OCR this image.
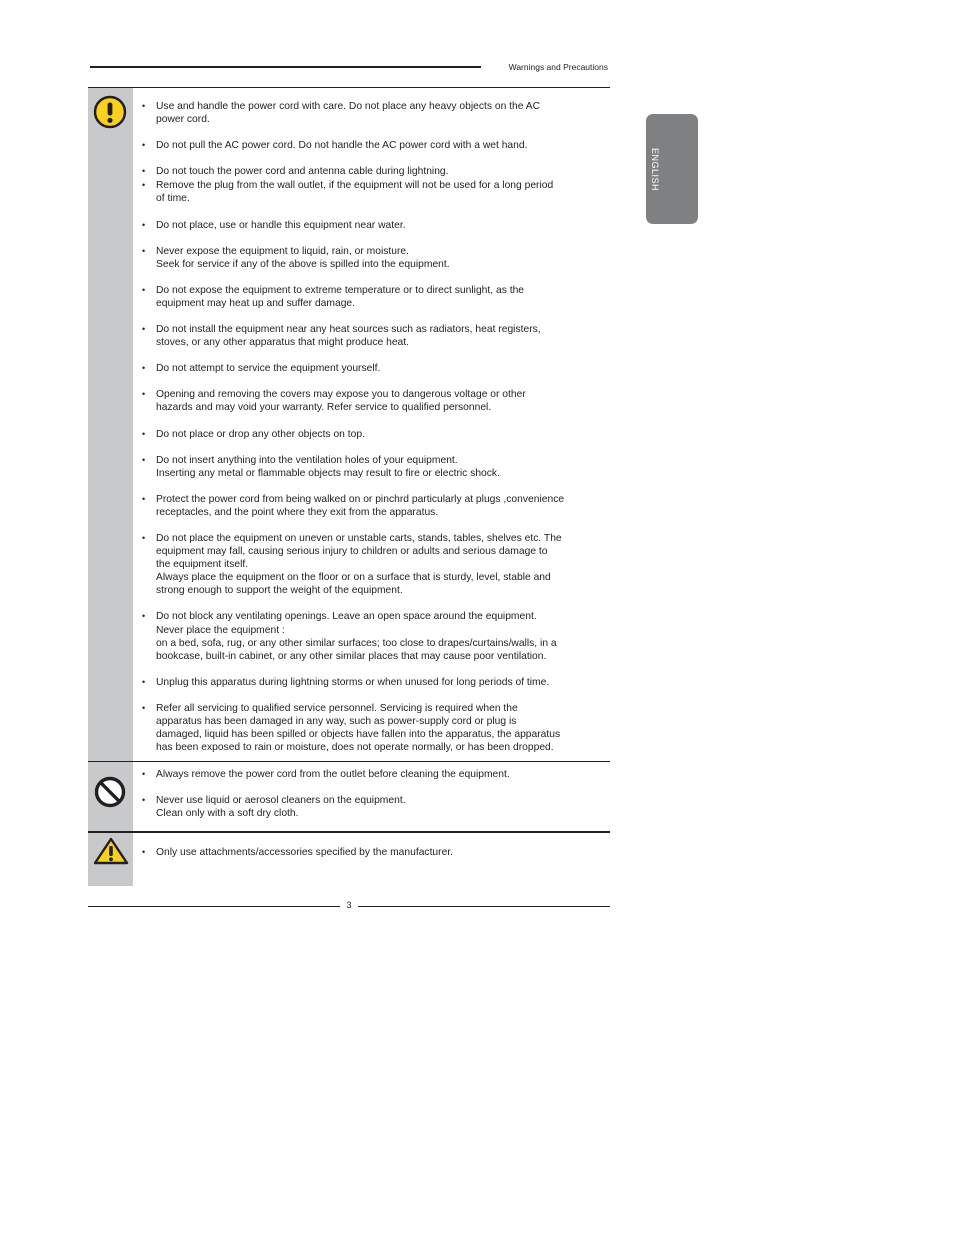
Warnings and Precautions
ENGLISH
• Use and handle the power cord with care. Do not place any heavy objects on the AC
power cord.
• Do not pull the AC power cord. Do not handle the AC power cord with a wet hand.
• Do not touch the power cord and antenna cable during lightning.
• Remove the plug from the wall outlet, if the equipment will not be used for a long period
of time.
• Do not place, use or handle this equipment near water.
• Never expose the equipment to liquid, rain, or moisture.
Seek for service if any of the above is spilled into the equipment.
• Do not expose the equipment to extreme temperature or to direct sunlight, as the
equipment may heat up and suffer damage.
• Do not install the equipment near any heat sources such as radiators, heat registers,
stoves, or any other apparatus that might produce heat.
• Do not attempt to service the equipment yourself.
• Opening and removing the covers may expose you to dangerous voltage or other
hazards and may void your warranty. Refer service to qualified personnel.
• Do not place or drop any other objects on top.
• Do not insert anything into the ventilation holes of your equipment.
Inserting any metal or flammable objects may result to fire or electric shock.
• Protect the power cord from being walked on or pinchrd particularly at plugs ,convenience
receptacles, and the point where they exit from the apparatus.
• Do not place the equipment on uneven or unstable carts, stands, tables, shelves etc. The
equipment may fall, causing serious injury to children or adults and serious damage to
the equipment itself.
Always place the equipment on the floor or on a surface that is sturdy, level, stable and
strong enough to support the weight of the equipment.
• Do not block any ventilating openings. Leave an open space around the equipment.
Never place the equipment :
on a bed, sofa, rug, or any other similar surfaces; too close to drapes/curtains/walls, in a
bookcase, built-in cabinet, or any other similar places that may cause poor ventilation.
• Unplug this apparatus during lightning storms or when unused for long periods of time.
• Refer all servicing to qualified service personnel. Servicing is required when the
apparatus has been damaged in any way, such as power-supply cord or plug is
damaged, liquid has been spilled or objects have fallen into the apparatus, the apparatus
has been exposed to rain or moisture, does not operate normally, or has been dropped.
• Always remove the power cord from the outlet before cleaning the equipment.
• Never use liquid or aerosol cleaners on the equipment.
Clean only with a soft dry cloth.
• Only use attachments/accessories specified by the manufacturer.
3
